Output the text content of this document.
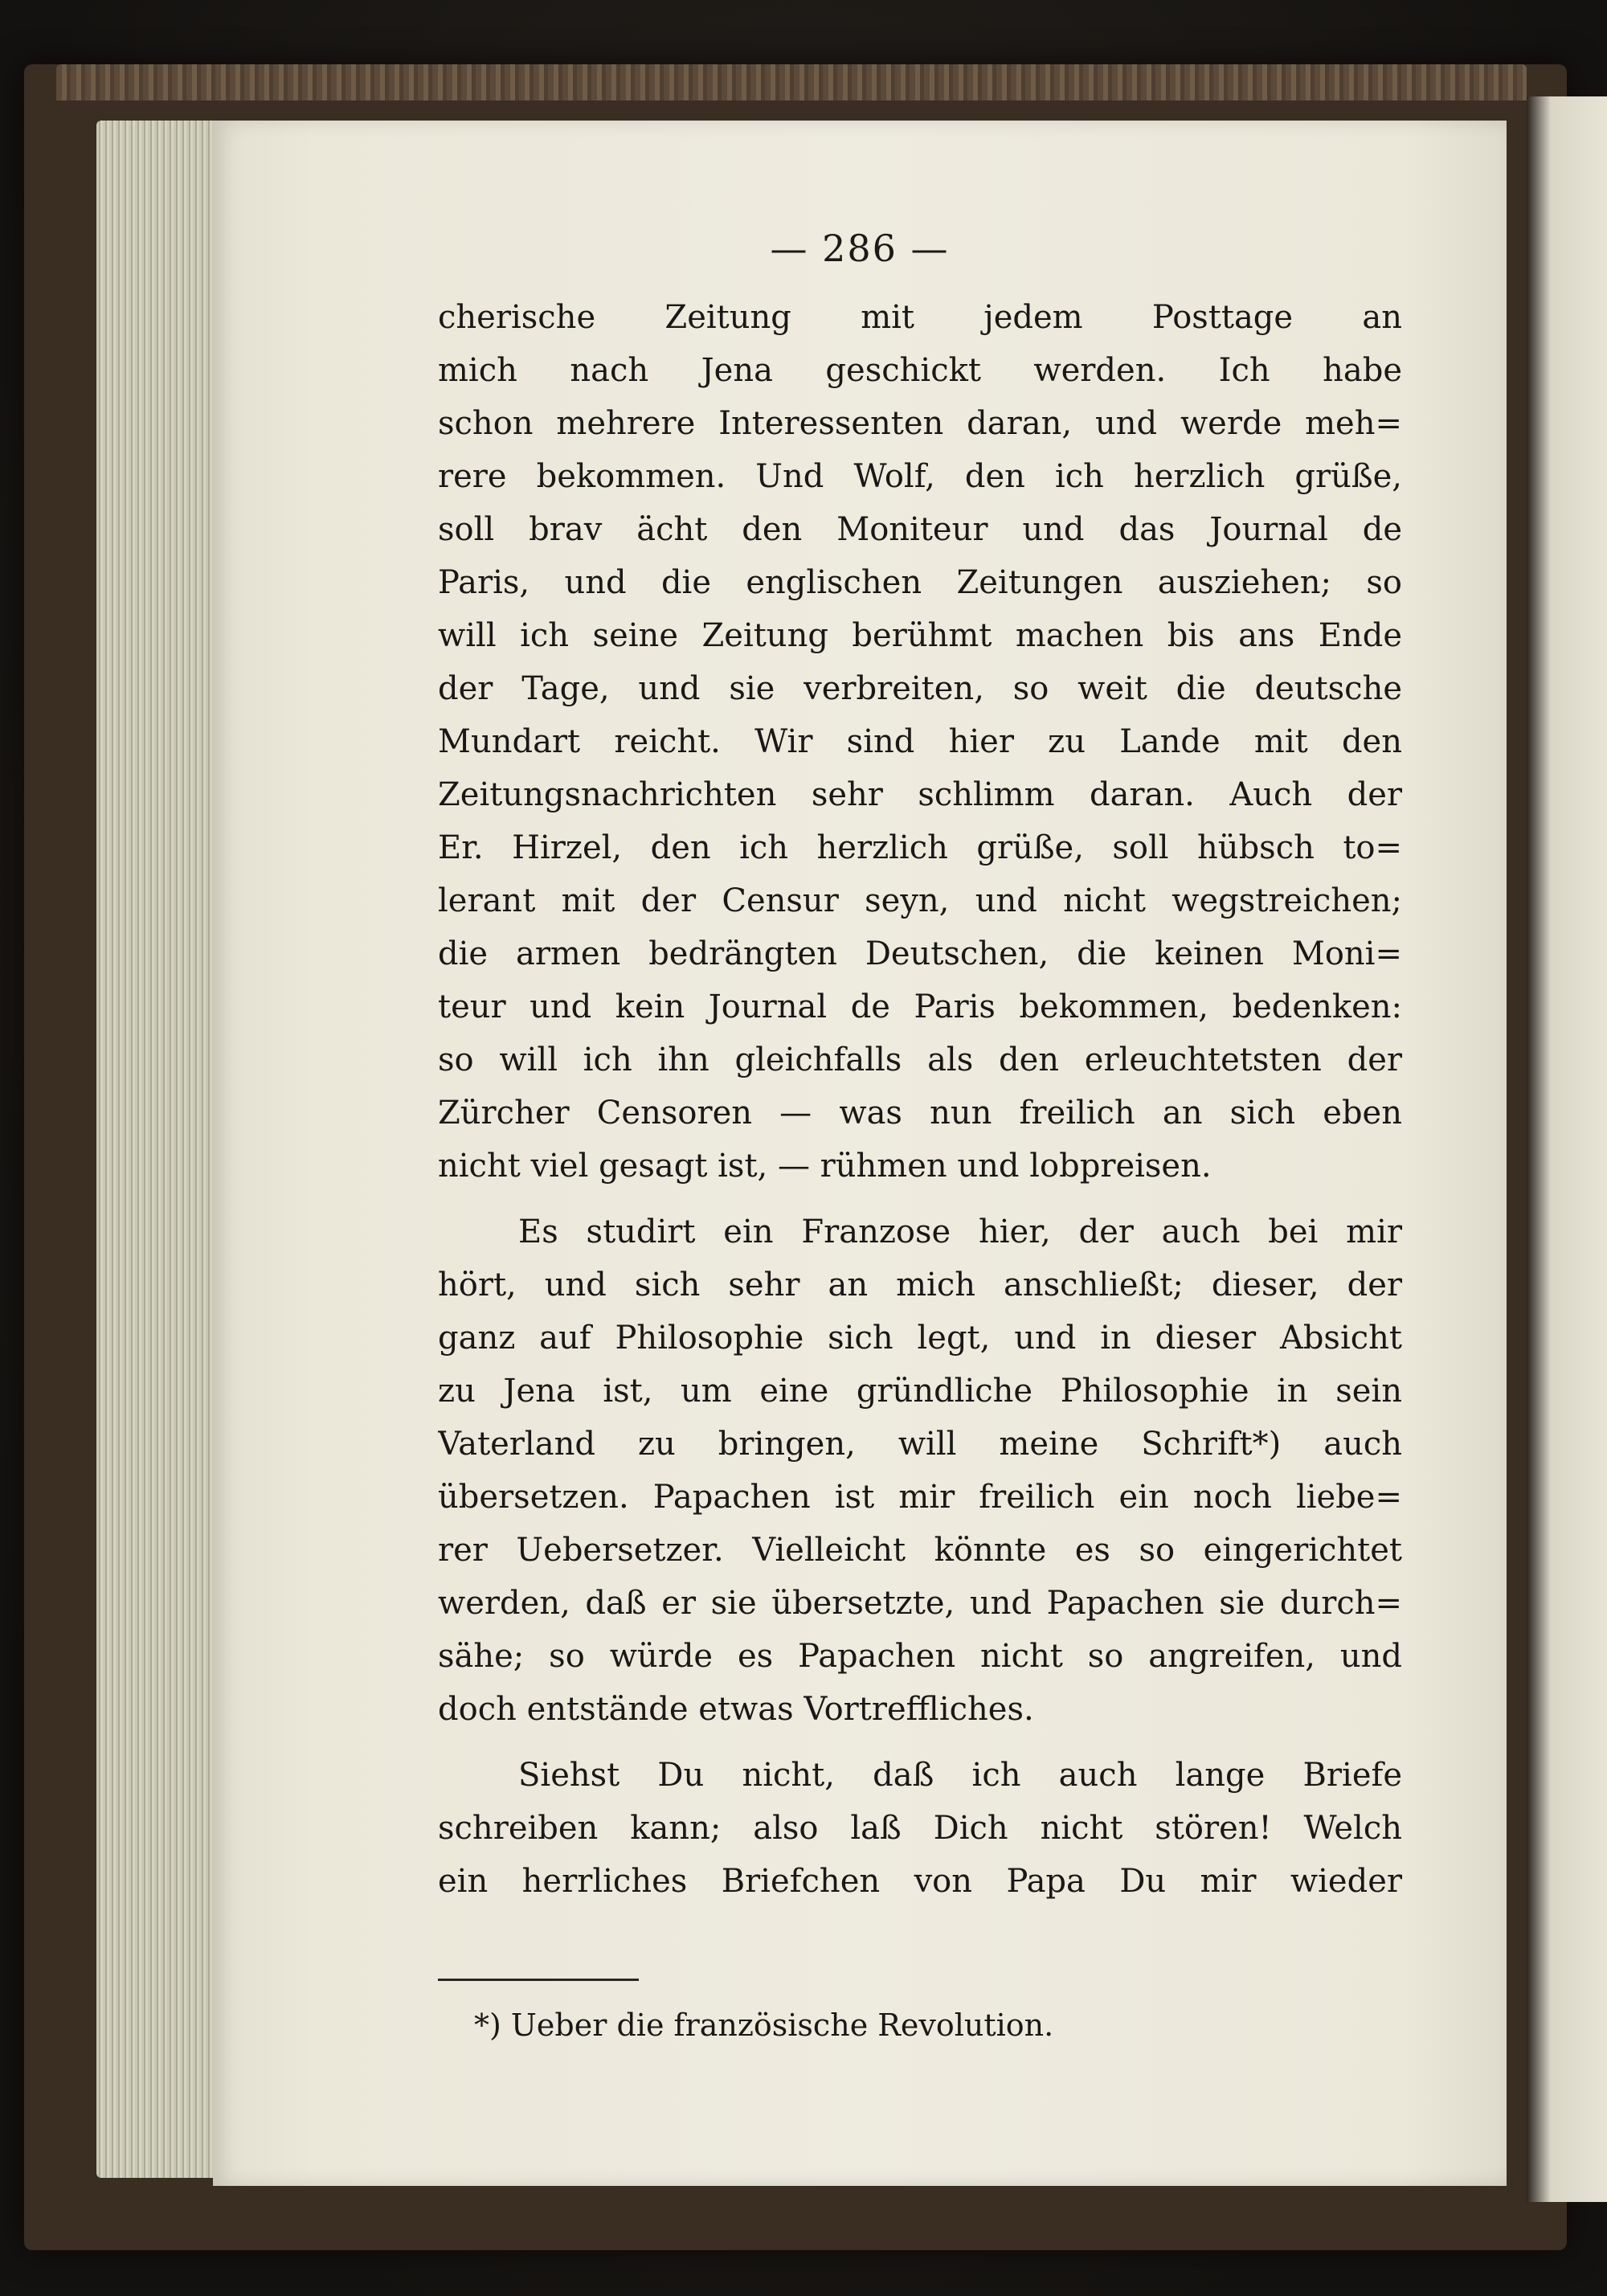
— 286 —
cherische Zeitung mit jedem Posttage an
mich nach Jena geschickt werden. Ich habe
schon mehrere Interessenten daran, und werde meh=
rere bekommen. Und Wolf, den ich herzlich grüße,
soll brav ächt den Moniteur und das Journal de
Paris, und die englischen Zeitungen ausziehen; so
will ich seine Zeitung berühmt machen bis ans Ende
der Tage, und sie verbreiten, so weit die deutsche
Mundart reicht. Wir sind hier zu Lande mit den
Zeitungsnachrichten sehr schlimm daran. Auch der
Er. Hirzel, den ich herzlich grüße, soll hübsch to=
lerant mit der Censur seyn, und nicht wegstreichen;
die armen bedrängten Deutschen, die keinen Moni=
teur und kein Journal de Paris bekommen, bedenken:
so will ich ihn gleichfalls als den erleuchtetsten der
Zürcher Censoren — was nun freilich an sich eben
nicht viel gesagt ist, — rühmen und lobpreisen.
Es studirt ein Franzose hier, der auch bei mir
hört, und sich sehr an mich anschließt; dieser, der
ganz auf Philosophie sich legt, und in dieser Absicht
zu Jena ist, um eine gründliche Philosophie in sein
Vaterland zu bringen, will meine Schrift*) auch
übersetzen. Papachen ist mir freilich ein noch liebe=
rer Uebersetzer. Vielleicht könnte es so eingerichtet
werden, daß er sie übersetzte, und Papachen sie durch=
sähe; so würde es Papachen nicht so angreifen, und
doch entstände etwas Vortreffliches.
Siehst Du nicht, daß ich auch lange Briefe
schreiben kann; also laß Dich nicht stören! Welch
ein herrliches Briefchen von Papa Du mir wieder
*) Ueber die französische Revolution.
